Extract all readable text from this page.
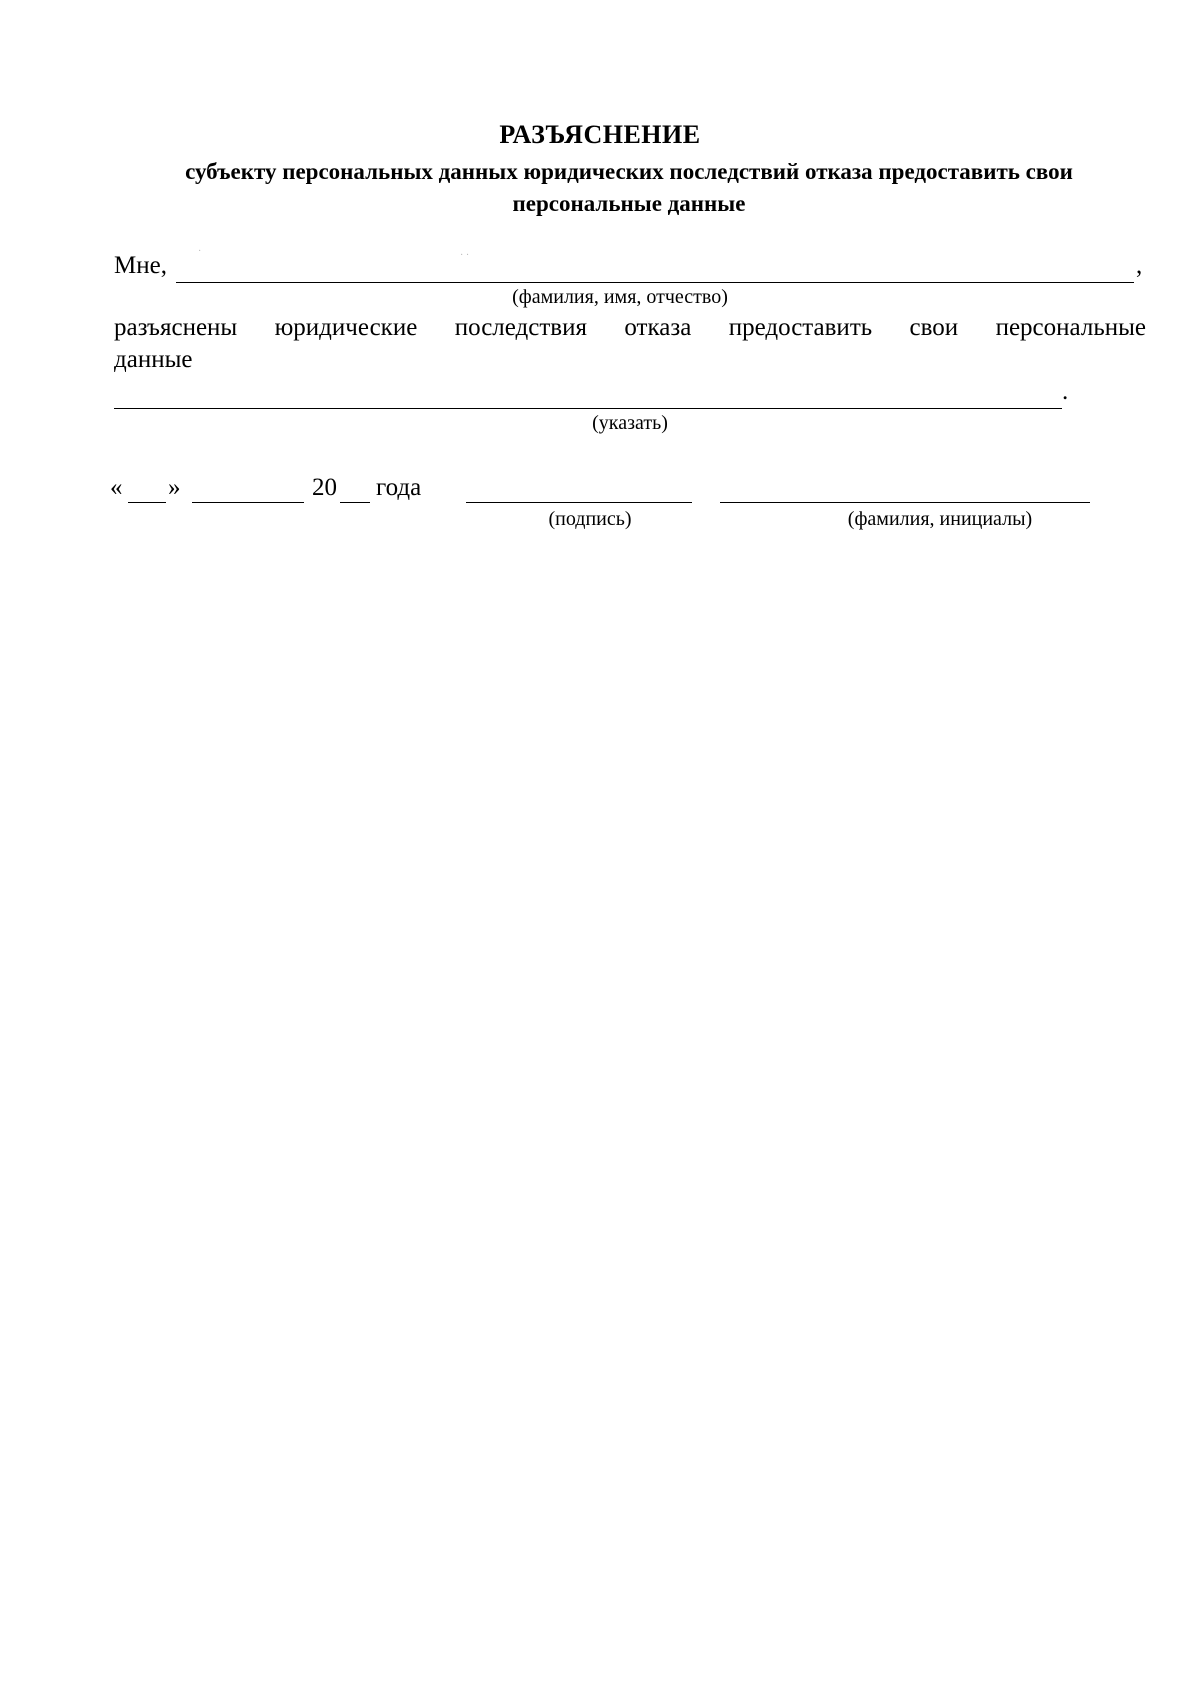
РАЗЪЯСНЕНИЕ
субъекту персональных данных юридических последствий отказа предоставить свои персональные данные
Мне,	,
·	· ·
(фамилия, имя, отчество)
разъяснены юридические последствия отказа предоставить свои персональные
данные
.
(указать)
« »	20 года
(подпись)	(фамилия, инициалы)
